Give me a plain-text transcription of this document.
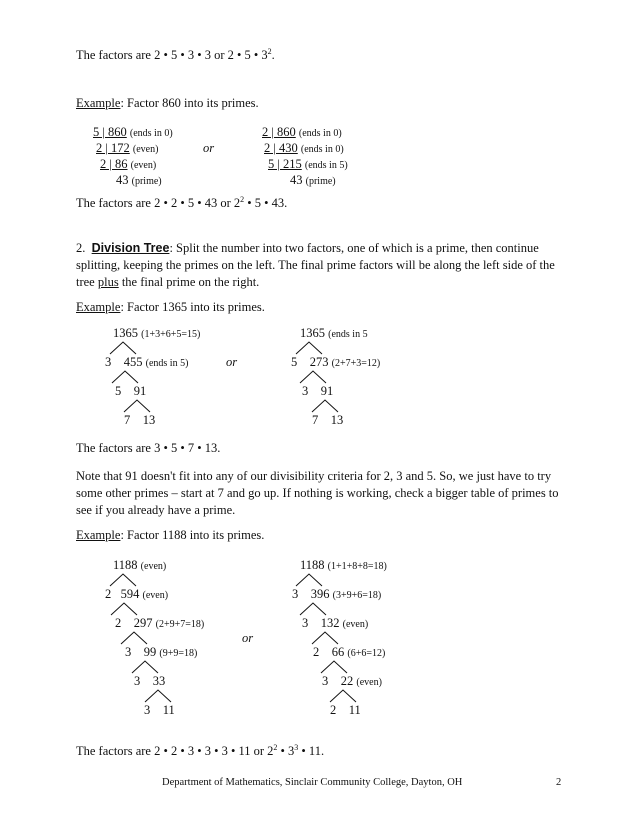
The factors are 2 • 5 • 3 • 3 or 2 • 5 • $3^2$.
Example: Factor 860 into its primes.
5 | 860 (ends in 0)
2 | 172 (even)
2 | 86 (even)
43 (prime)
or
2 | 860 (ends in 0)
2 | 430 (ends in 0)
5 | 215 (ends in 5)
43 (prime)
The factors are 2 • 2 • 5 • 43 or $2^2$ • 5 • 43.
2. Division Tree: Split the number into two factors, one of which is a prime, then continue splitting, keeping the primes on the left. The final prime factors will be along the left side of the tree plus the final prime on the right.
Example: Factor 1365 into its primes.
1365 (1+3+6+5=15)
3 455 (ends in 5)
5 91
7 13
or
1365 (ends in 5
5 273 (2+7+3=12)
3 91
7 13
The factors are 3 • 5 • 7 • 13.
Note that 91 doesn't fit into any of our divisibility criteria for 2, 3 and 5. So, we just have to try some other primes – start at 7 and go up. If nothing is working, check a bigger table of primes to see if you already have a prime.
Example: Factor 1188 into its primes.
1188 (even)
2 594 (even)
2 297 (2+9+7=18)
3 99 (9+9=18)
3 33
3 11
or
1188 (1+1+8+8=18)
3 396 (3+9+6=18)
3 132 (even)
2 66 (6+6=12)
3 22 (even)
2 11
The factors are 2 • 2 • 3 • 3 • 3 • 11 or $2^2$ • $3^3$ • 11.
Department of Mathematics, Sinclair Community College, Dayton, OH	2
